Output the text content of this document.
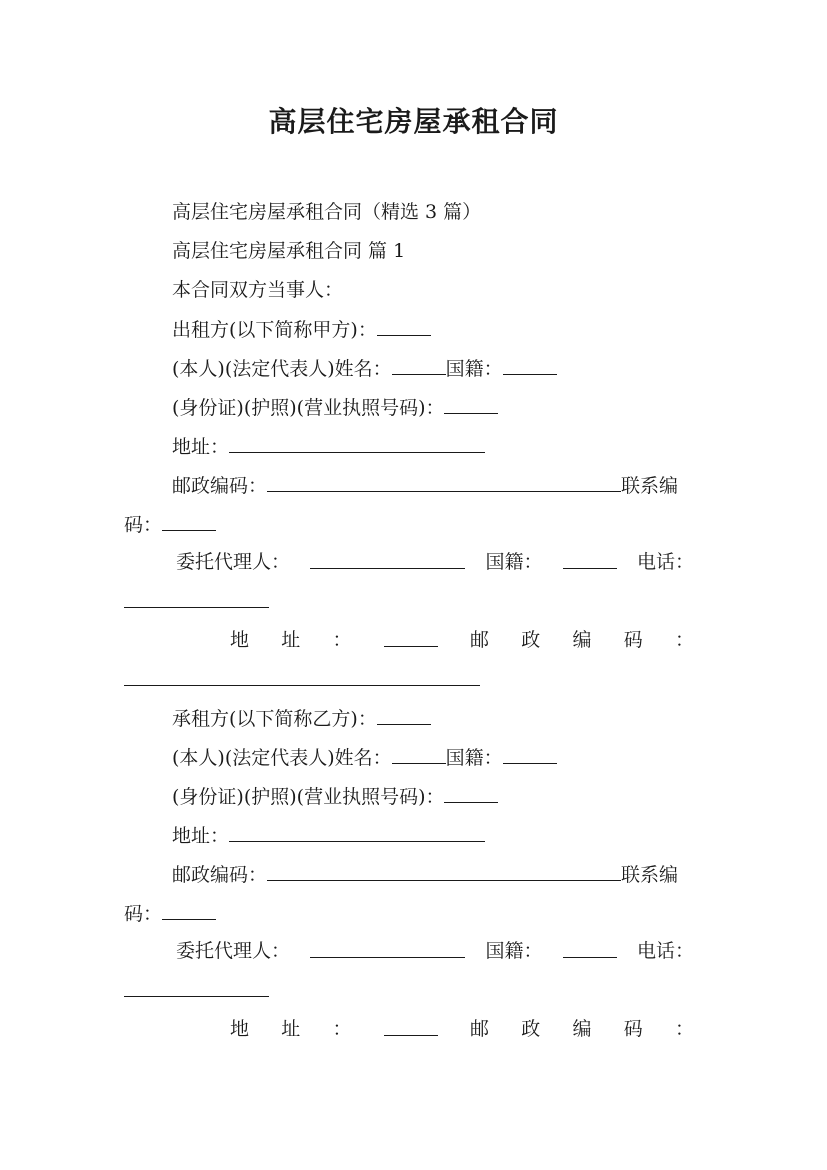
高层住宅房屋承租合同
高层住宅房屋承租合同（精选 3 篇）
高层住宅房屋承租合同 篇 1
本合同双方当事人：
出租方(以下简称甲方)：
(本人)(法定代表人)姓名：	国籍：
(身份证)(护照)(营业执照号码)：
地址：
邮政编码：	联系编
码：
委托代理人：	国籍：	电话：
地 址 ：	邮 政 编 码 ：
承租方(以下简称乙方)：
(本人)(法定代表人)姓名：	国籍：
(身份证)(护照)(营业执照号码)：
地址：
邮政编码：	联系编
码：
委托代理人：	国籍：	电话：
地 址 ：	邮 政 编 码 ：
